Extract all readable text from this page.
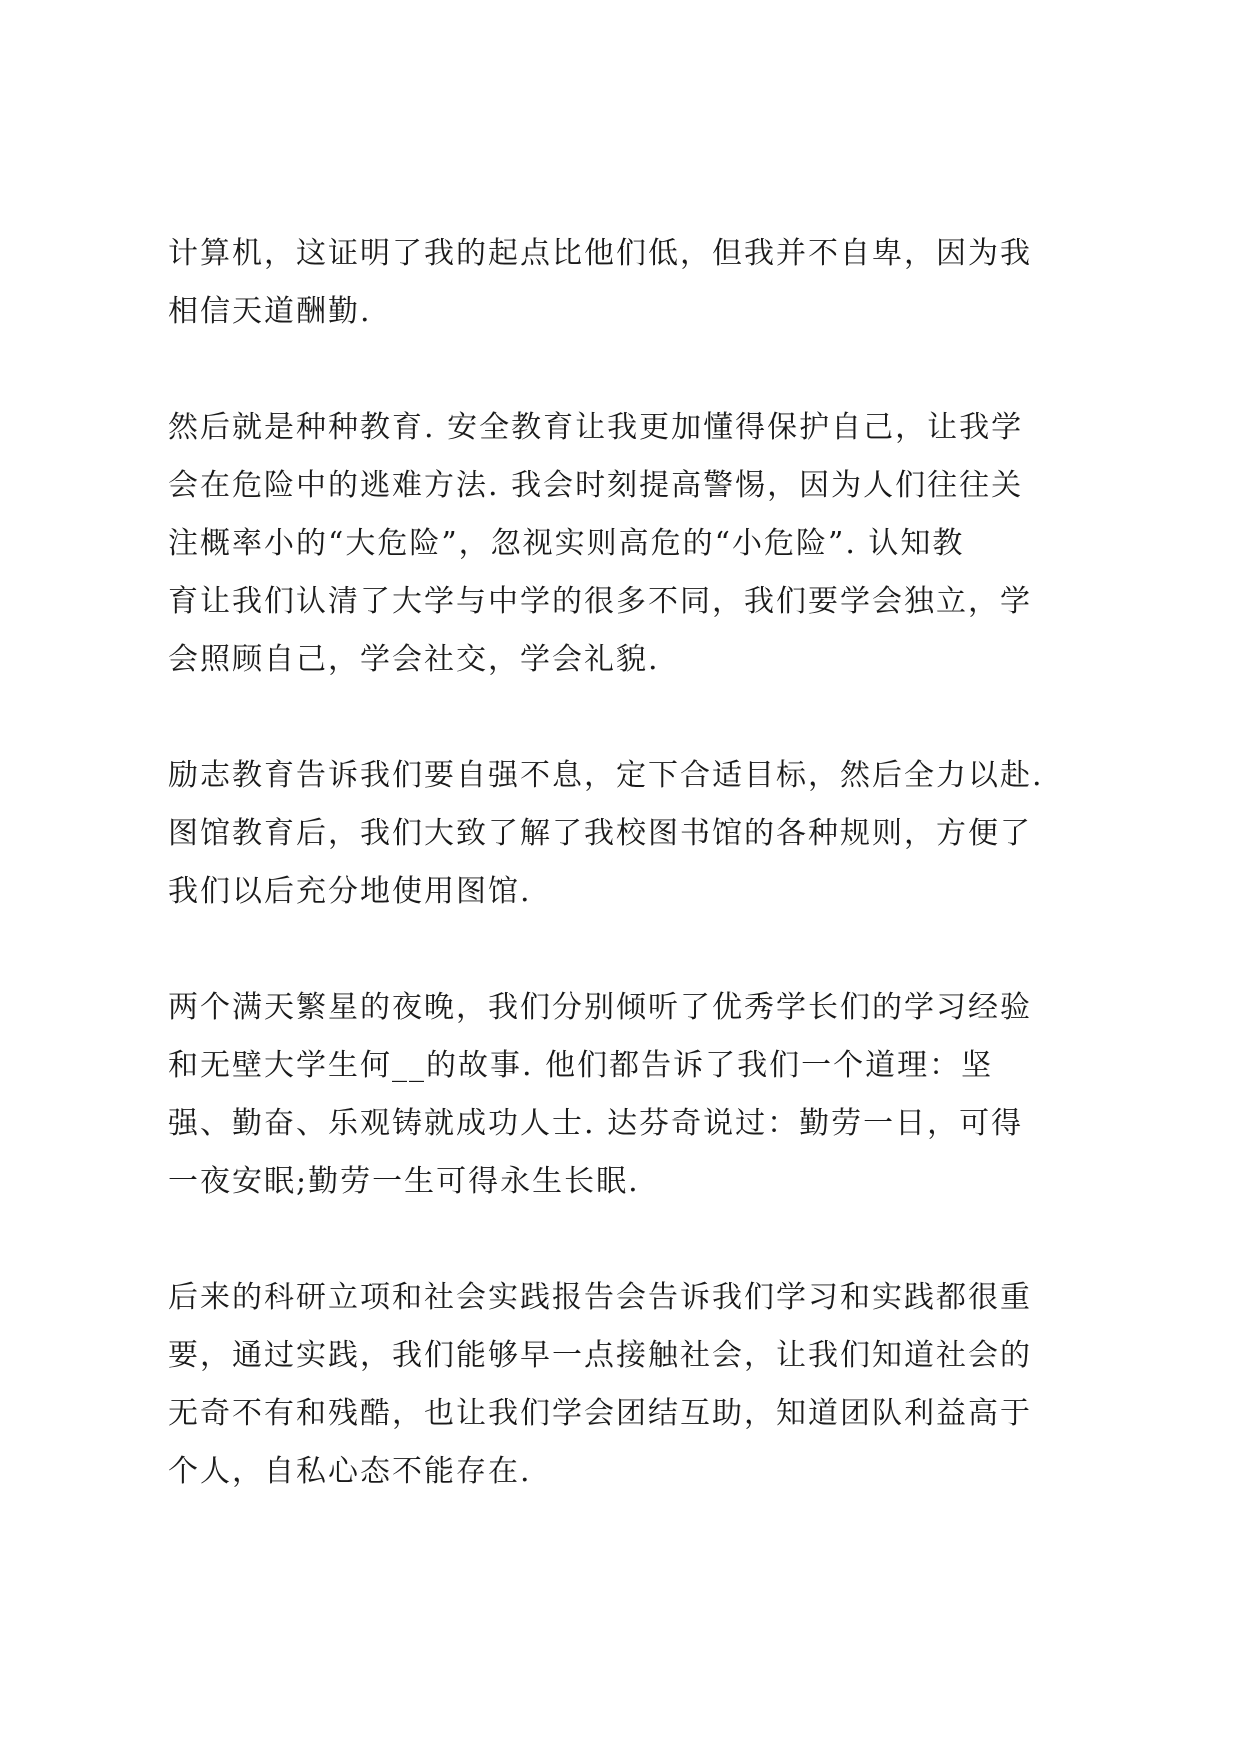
计算机，这证明了我的起点比他们低，但我并不自卑，因为我
相信天道酬勤.

然后就是种种教育. 安全教育让我更加懂得保护自己，让我学
会在危险中的逃难方法. 我会时刻提高警惕，因为人们往往关
注概率小的“大危险”，忽视实则高危的“小危险”. 认知教
育让我们认清了大学与中学的很多不同，我们要学会独立，学
会照顾自己，学会社交，学会礼貌.

励志教育告诉我们要自强不息，定下合适目标，然后全力以赴.
图馆教育后，我们大致了解了我校图书馆的各种规则，方便了
我们以后充分地使用图馆.

两个满天繁星的夜晚，我们分别倾听了优秀学长们的学习经验
和无壁大学生何__的故事. 他们都告诉了我们一个道理：坚
强、勤奋、乐观铸就成功人士. 达芬奇说过：勤劳一日，可得
一夜安眠;勤劳一生可得永生长眠.

后来的科研立项和社会实践报告会告诉我们学习和实践都很重
要，通过实践，我们能够早一点接触社会，让我们知道社会的
无奇不有和残酷，也让我们学会团结互助，知道团队利益高于
个人，自私心态不能存在.
